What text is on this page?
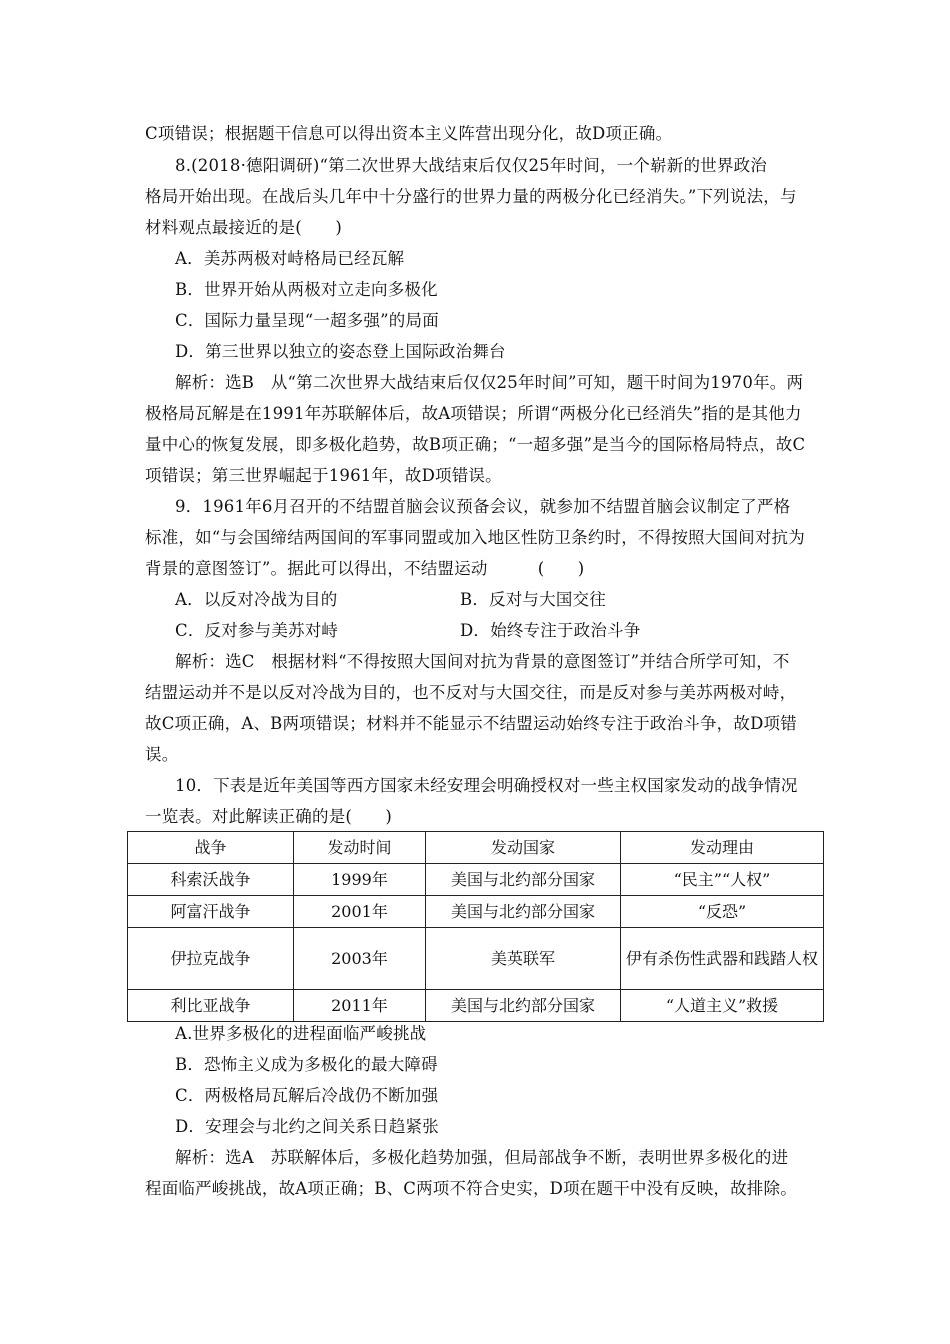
C项错误；根据题干信息可以得出资本主义阵营出现分化，故D项正确。
8.(2018·德阳调研)“第二次世界大战结束后仅仅25年时间，一个崭新的世界政治
格局开始出现。在战后头几年中十分盛行的世界力量的两极分化已经消失。”下列说法，与
材料观点最接近的是(　　)
A．美苏两极对峙格局已经瓦解
B．世界开始从两极对立走向多极化
C．国际力量呈现“一超多强”的局面
D．第三世界以独立的姿态登上国际政治舞台
解析：选B　从“第二次世界大战结束后仅仅25年时间”可知，题干时间为1970年。两
极格局瓦解是在1991年苏联解体后，故A项错误；所谓“两极分化已经消失”指的是其他力
量中心的恢复发展，即多极化趋势，故B项正确；“一超多强”是当今的国际格局特点，故C
项错误；第三世界崛起于1961年，故D项错误。
9．1961年6月召开的不结盟首脑会议预备会议，就参加不结盟首脑会议制定了严格
标准，如“与会国缔结两国间的军事同盟或加入地区性防卫条约时，不得按照大国间对抗为
背景的意图签订”。据此可以得出，不结盟运动　　　(　　)
A．以反对冷战为目的	B．反对与大国交往
C．反对参与美苏对峙	D．始终专注于政治斗争
解析：选C　根据材料“不得按照大国间对抗为背景的意图签订”并结合所学可知，不
结盟运动并不是以反对冷战为目的，也不反对与大国交往，而是反对参与美苏两极对峙，
故C项正确，A、B两项错误；材料并不能显示不结盟运动始终专注于政治斗争，故D项错
误。
10．下表是近年美国等西方国家未经安理会明确授权对一些主权国家发动的战争情况
一览表。对此解读正确的是(　　)
战争	发动时间	发动国家	发动理由
科索沃战争	1999年	美国与北约部分国家	“民主”“人权”
阿富汗战争	2001年	美国与北约部分国家	“反恐”
伊拉克战争	2003年	美英联军	伊有杀伤性武器和践踏人权
利比亚战争	2011年	美国与北约部分国家	“人道主义”救援
A.世界多极化的进程面临严峻挑战
B．恐怖主义成为多极化的最大障碍
C．两极格局瓦解后冷战仍不断加强
D．安理会与北约之间关系日趋紧张
解析：选A　苏联解体后，多极化趋势加强，但局部战争不断，表明世界多极化的进
程面临严峻挑战，故A项正确；B、C两项不符合史实，D项在题干中没有反映，故排除。
